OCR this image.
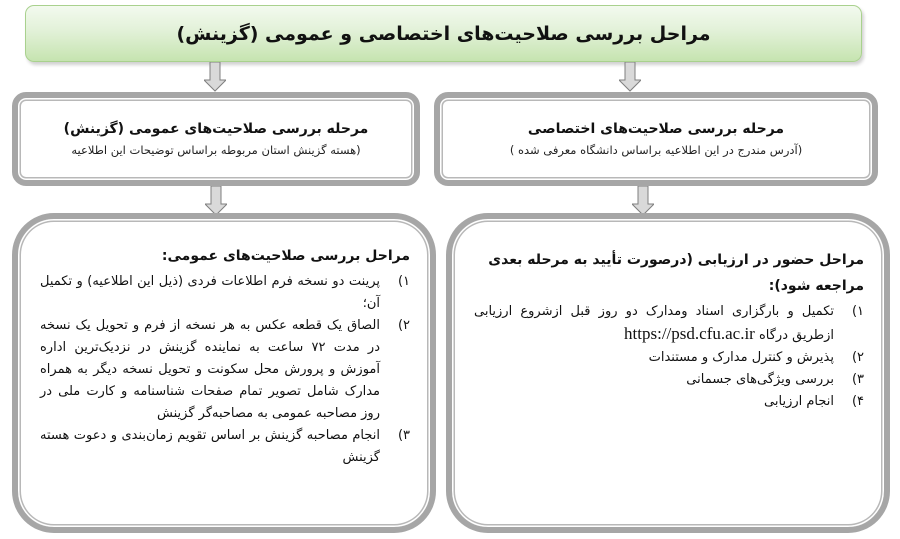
مراحل بررسی صلاحیت‌های اختصاصی و عمومی (گزینش)
مرحله بررسی صلاحیت‌های عمومی (گزینش)
(هسته گزینش استان مربوطه براساس توضیحات این اطلاعیه
مرحله بررسی صلاحیت‌های اختصاصی
(آدرس مندرج در این اطلاعیه براساس دانشگاه معرفی شده )
مراحل بررسی صلاحیت‌های عمومی:
۱)
پرینت دو نسخه فرم اطلاعات فردی (ذیل این اطلاعیه) و تکمیل آن؛
۲)
الصاق یک قطعه عکس به هر نسخه از فرم و تحویل یک نسخه در مدت ۷۲ ساعت به نماینده گزینش در نزدیک‌ترین اداره آموزش و پرورش محل سکونت و تحویل نسخه دیگر به همراه مدارک شامل تصویر تمام صفحات شناسنامه و کارت ملی در روز مصاحبه عمومی به مصاحبه‌گر گزینش
۳)
انجام مصاحبه گزینش بر اساس تقویم زمان‌بندی و دعوت هسته گزینش
مراحل حضور در ارزیابی (درصورت تأیید به مرحله بعدی مراجعه شود):
۱)
تکمیل و بارگزاری اسناد ومدارک دو روز قبل ازشروع ارزیابی ازطریق درگاه https://psd.cfu.ac.ir
۲)
پذیرش و کنترل مدارک و مستندات
۳)
بررسی ویژگی‌های جسمانی
۴)
انجام ارزیابی
